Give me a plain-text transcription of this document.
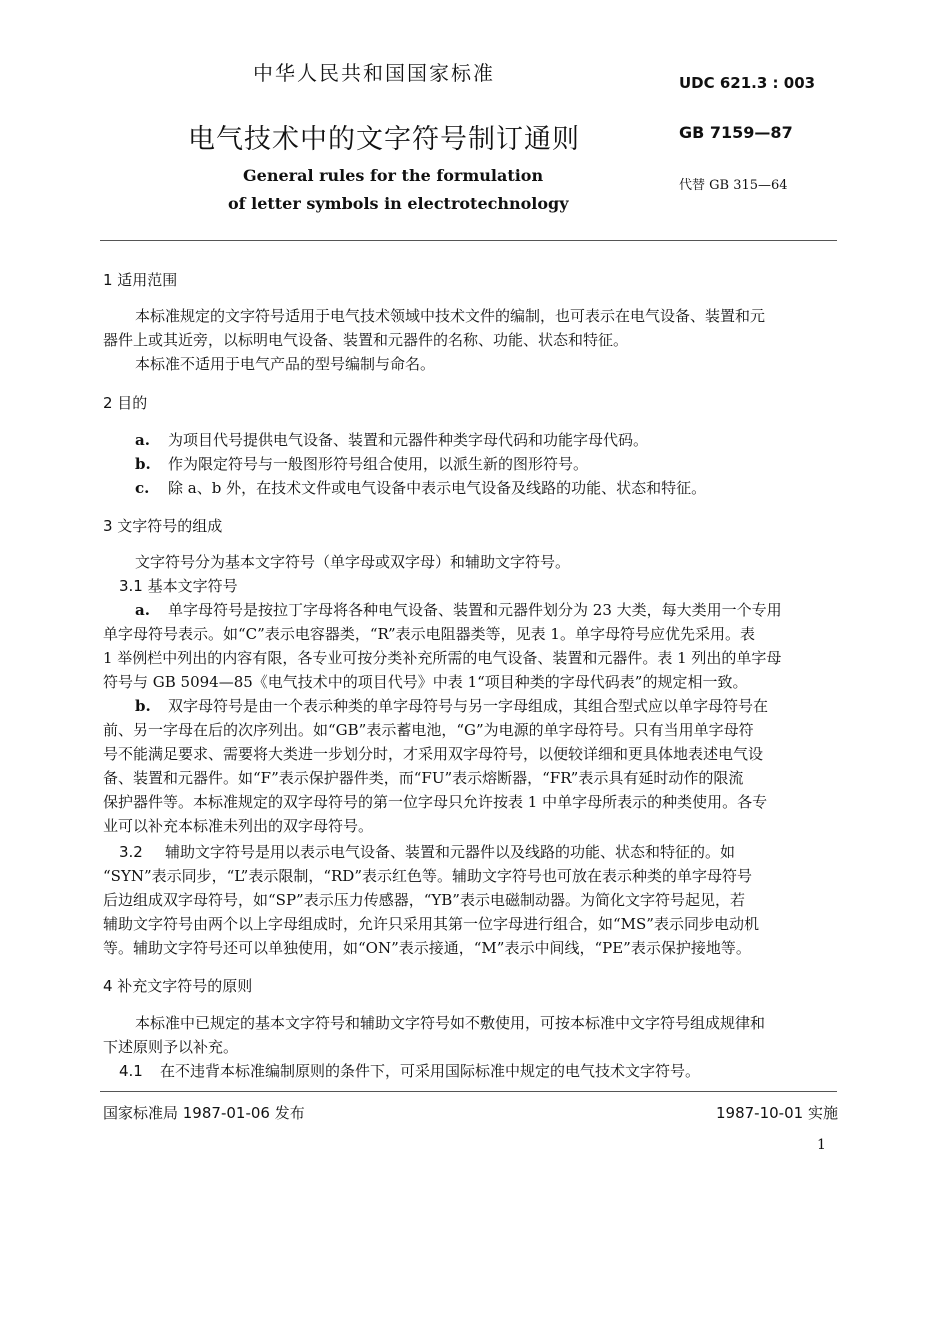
中华人民共和国国家标准	UDC 621.3 : 003
电气技术中的文字符号制订通则	GB 7159—87
General rules for the formulation
代替 GB 315—64
of letter symbols in electrotechnology
1 适用范围
本标准规定的文字符号适用于电气技术领域中技术文件的编制，也可表示在电气设备、装置和元
器件上或其近旁，以标明电气设备、装置和元器件的名称、功能、状态和特征。
本标准不适用于电气产品的型号编制与命名。
2 目的
a. 为项目代号提供电气设备、装置和元器件种类字母代码和功能字母代码。
b. 作为限定符号与一般图形符号组合使用，以派生新的图形符号。
c. 除 a、b 外，在技术文件或电气设备中表示电气设备及线路的功能、状态和特征。
3 文字符号的组成
文字符号分为基本文字符号（单字母或双字母）和辅助文字符号。
3.1 基本文字符号
a. 单字母符号是按拉丁字母将各种电气设备、装置和元器件划分为 23 大类，每大类用一个专用
单字母符号表示。如“C”表示电容器类，“R”表示电阻器类等，见表 1。单字母符号应优先采用。表
1 举例栏中列出的内容有限，各专业可按分类补充所需的电气设备、装置和元器件。表 1 列出的单字母
符号与 GB 5094—85《电气技术中的项目代号》中表 1“项目种类的字母代码表”的规定相一致。
b. 双字母符号是由一个表示种类的单字母符号与另一字母组成，其组合型式应以单字母符号在
前、另一字母在后的次序列出。如“GB”表示蓄电池，“G”为电源的单字母符号。只有当用单字母符
号不能满足要求、需要将大类进一步划分时，才采用双字母符号，以便较详细和更具体地表述电气设
备、装置和元器件。如“F”表示保护器件类，而“FU”表示熔断器，“FR”表示具有延时动作的限流
保护器件等。本标准规定的双字母符号的第一位字母只允许按表 1 中单字母所表示的种类使用。各专
业可以补充本标准未列出的双字母符号。
3.2 辅助文字符号是用以表示电气设备、装置和元器件以及线路的功能、状态和特征的。如
“SYN”表示同步，“L”表示限制，“RD”表示红色等。辅助文字符号也可放在表示种类的单字母符号
后边组成双字母符号，如“SP”表示压力传感器，“YB”表示电磁制动器。为简化文字符号起见，若
辅助文字符号由两个以上字母组成时，允许只采用其第一位字母进行组合，如“MS”表示同步电动机
等。辅助文字符号还可以单独使用，如“ON”表示接通，“M”表示中间线，“PE”表示保护接地等。
4 补充文字符号的原则
本标准中已规定的基本文字符号和辅助文字符号如不敷使用，可按本标准中文字符号组成规律和
下述原则予以补充。
4.1 在不违背本标准编制原则的条件下，可采用国际标准中规定的电气技术文字符号。
国家标准局 1987-01-06 发布	1987-10-01 实施
1
